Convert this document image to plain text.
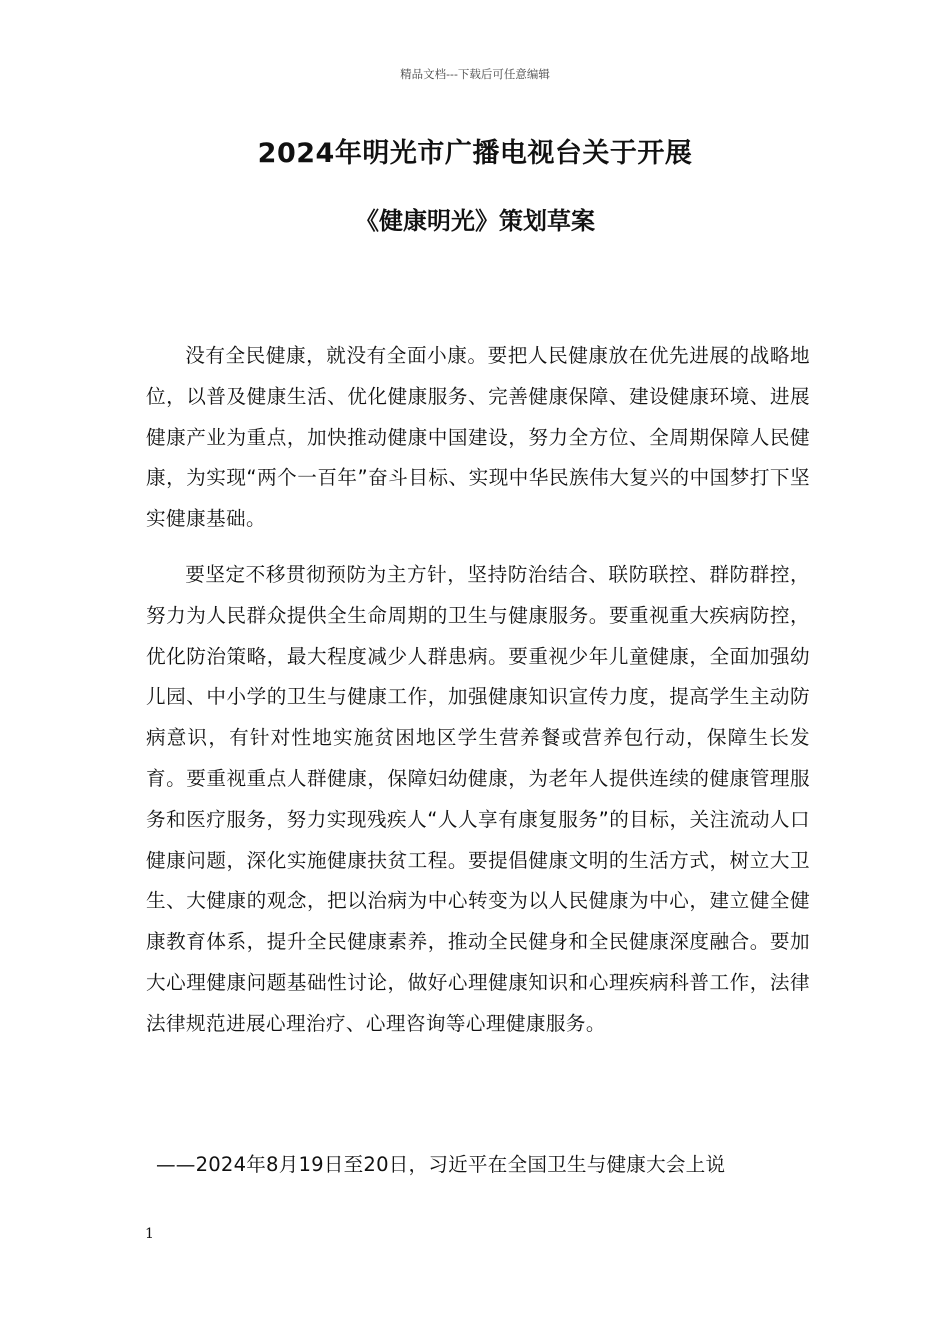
精品文档---下载后可任意编辑
2024年明光市广播电视台关于开展
《健康明光》策划草案

没有全民健康，就没有全面小康。要把人民健康放在优先进展的战略地位，以普及健康生活、优化健康服务、完善健康保障、建设健康环境、进展健康产业为重点，加快推动健康中国建设，努力全方位、全周期保障人民健康，为实现“两个一百年”奋斗目标、实现中华民族伟大复兴的中国梦打下坚实健康基础。

要坚定不移贯彻预防为主方针，坚持防治结合、联防联控、群防群控，努力为人民群众提供全生命周期的卫生与健康服务。要重视重大疾病防控，优化防治策略，最大程度减少人群患病。要重视少年儿童健康，全面加强幼儿园、中小学的卫生与健康工作，加强健康知识宣传力度，提高学生主动防病意识，有针对性地实施贫困地区学生营养餐或营养包行动，保障生长发育。要重视重点人群健康，保障妇幼健康，为老年人提供连续的健康管理服务和医疗服务，努力实现残疾人“人人享有康复服务”的目标，关注流动人口健康问题，深化实施健康扶贫工程。要提倡健康文明的生活方式，树立大卫生、大健康的观念，把以治病为中心转变为以人民健康为中心，建立健全健康教育体系，提升全民健康素养，推动全民健身和全民健康深度融合。要加大心理健康问题基础性讨论，做好心理健康知识和心理疾病科普工作，法律法律规范进展心理治疗、心理咨询等心理健康服务。

——2024年8月19日至20日，习近平在全国卫生与健康大会上说
1
